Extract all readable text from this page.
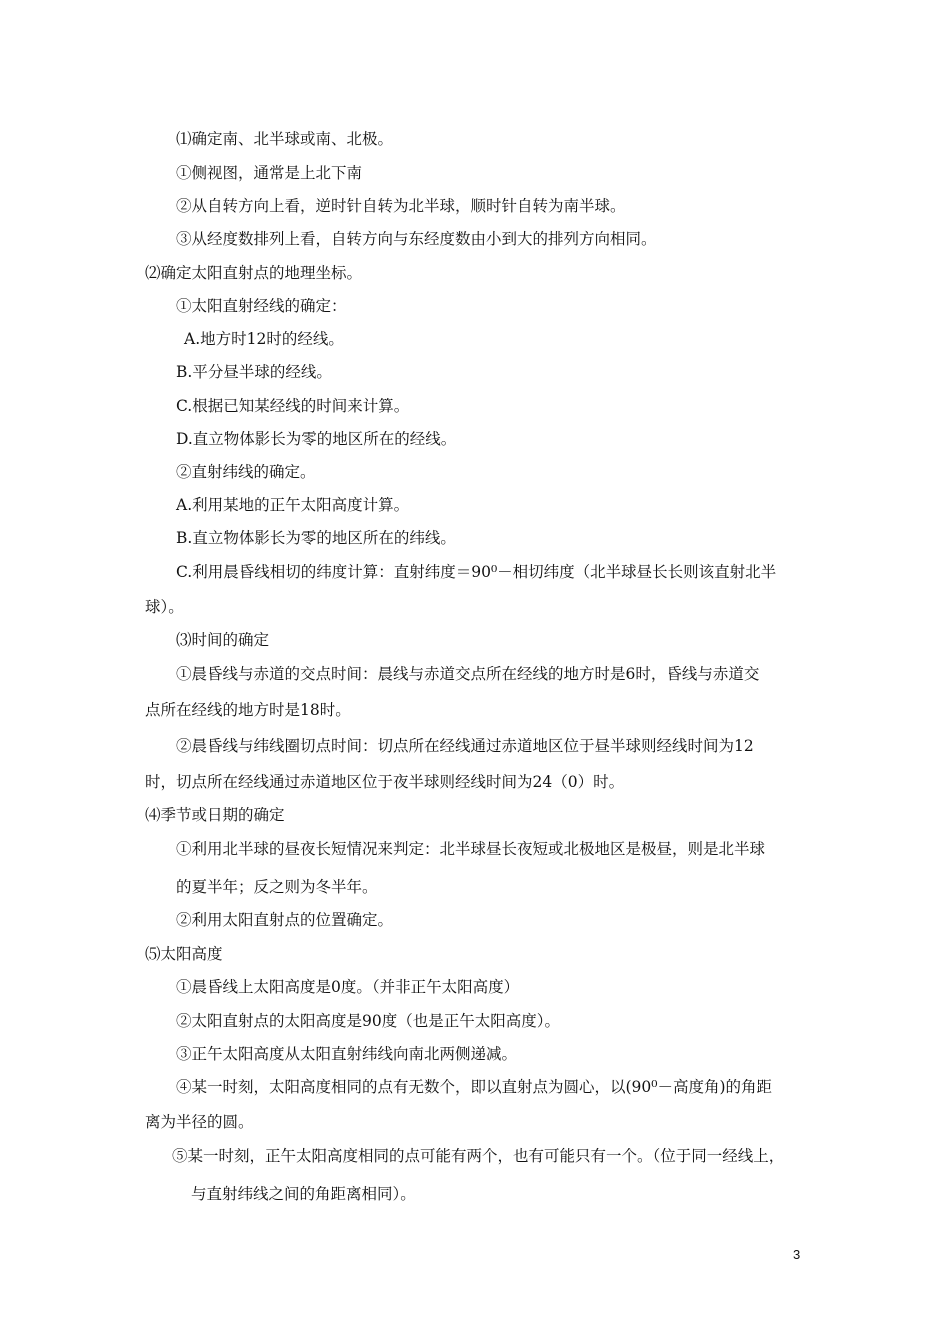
⑴确定南、北半球或南、北极。
①侧视图，通常是上北下南
②从自转方向上看，逆时针自转为北半球，顺时针自转为南半球。
③从经度数排列上看，自转方向与东经度数由小到大的排列方向相同。
⑵确定太阳直射点的地理坐标。
①太阳直射经线的确定：
A.地方时12时的经线。
B.平分昼半球的经线。
C.根据已知某经线的时间来计算。
D.直立物体影长为零的地区所在的经线。
②直射纬线的确定。
A.利用某地的正午太阳高度计算。
B.直立物体影长为零的地区所在的纬线。
C.利用晨昏线相切的纬度计算：直射纬度＝90⁰－相切纬度（北半球昼长长则该直射北半
球）。
⑶时间的确定
①晨昏线与赤道的交点时间：晨线与赤道交点所在经线的地方时是6时，昏线与赤道交
点所在经线的地方时是18时。
②晨昏线与纬线圈切点时间：切点所在经线通过赤道地区位于昼半球则经线时间为12
时，切点所在经线通过赤道地区位于夜半球则经线时间为24（0）时。
⑷季节或日期的确定
①利用北半球的昼夜长短情况来判定：北半球昼长夜短或北极地区是极昼，则是北半球
的夏半年；反之则为冬半年。
②利用太阳直射点的位置确定。
⑸太阳高度
①晨昏线上太阳高度是0度。（并非正午太阳高度）
②太阳直射点的太阳高度是90度（也是正午太阳高度）。
③正午太阳高度从太阳直射纬线向南北两侧递减。
④某一时刻，太阳高度相同的点有无数个，即以直射点为圆心，以(90⁰－高度角)的角距
离为半径的圆。
⑤某一时刻，正午太阳高度相同的点可能有两个，也有可能只有一个。（位于同一经线上，
与直射纬线之间的角距离相同）。
3
